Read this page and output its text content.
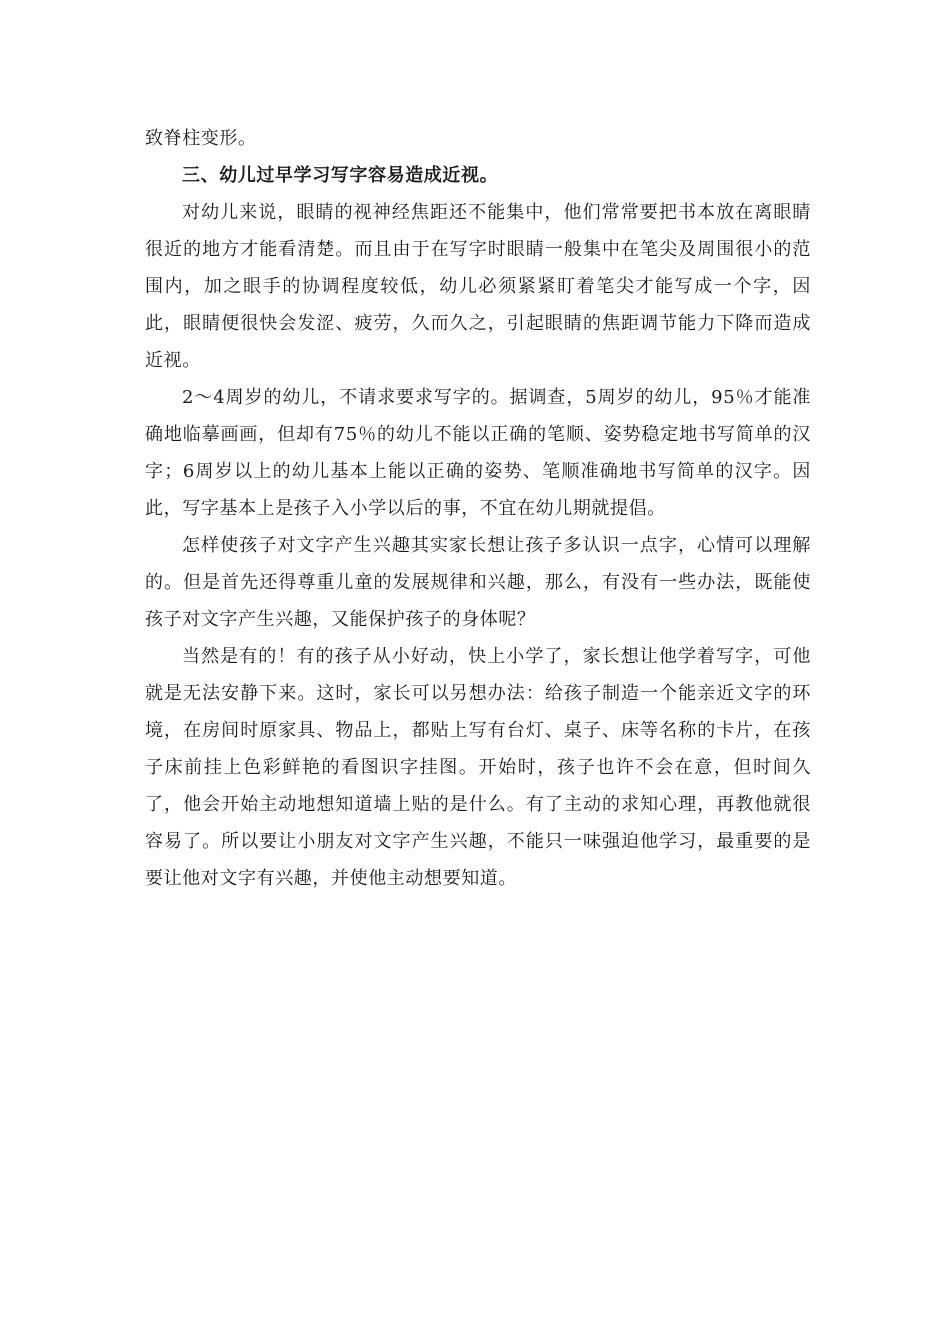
致脊柱变形。

三、幼儿过早学习写字容易造成近视。

对幼儿来说，眼睛的视神经焦距还不能集中，他们常常要把书本放在离眼睛很近的地方才能看清楚。而且由于在写字时眼睛一般集中在笔尖及周围很小的范围内，加之眼手的协调程度较低，幼儿必须紧紧盯着笔尖才能写成一个字，因此，眼睛便很快会发涩、疲劳，久而久之，引起眼睛的焦距调节能力下降而造成近视。

2～4周岁的幼儿，不请求要求写字的。据调查，5周岁的幼儿，95％才能准确地临摹画画，但却有75％的幼儿不能以正确的笔顺、姿势稳定地书写简单的汉字；6周岁以上的幼儿基本上能以正确的姿势、笔顺准确地书写简单的汉字。因此，写字基本上是孩子入小学以后的事，不宜在幼儿期就提倡。

怎样使孩子对文字产生兴趣其实家长想让孩子多认识一点字，心情可以理解的。但是首先还得尊重儿童的发展规律和兴趣，那么，有没有一些办法，既能使孩子对文字产生兴趣，又能保护孩子的身体呢？

当然是有的！有的孩子从小好动，快上小学了，家长想让他学着写字，可他就是无法安静下来。这时，家长可以另想办法：给孩子制造一个能亲近文字的环境，在房间时原家具、物品上，都贴上写有台灯、桌子、床等名称的卡片，在孩子床前挂上色彩鲜艳的看图识字挂图。开始时，孩子也许不会在意，但时间久了，他会开始主动地想知道墙上贴的是什么。有了主动的求知心理，再教他就很容易了。所以要让小朋友对文字产生兴趣，不能只一味强迫他学习，最重要的是要让他对文字有兴趣，并使他主动想要知道。
